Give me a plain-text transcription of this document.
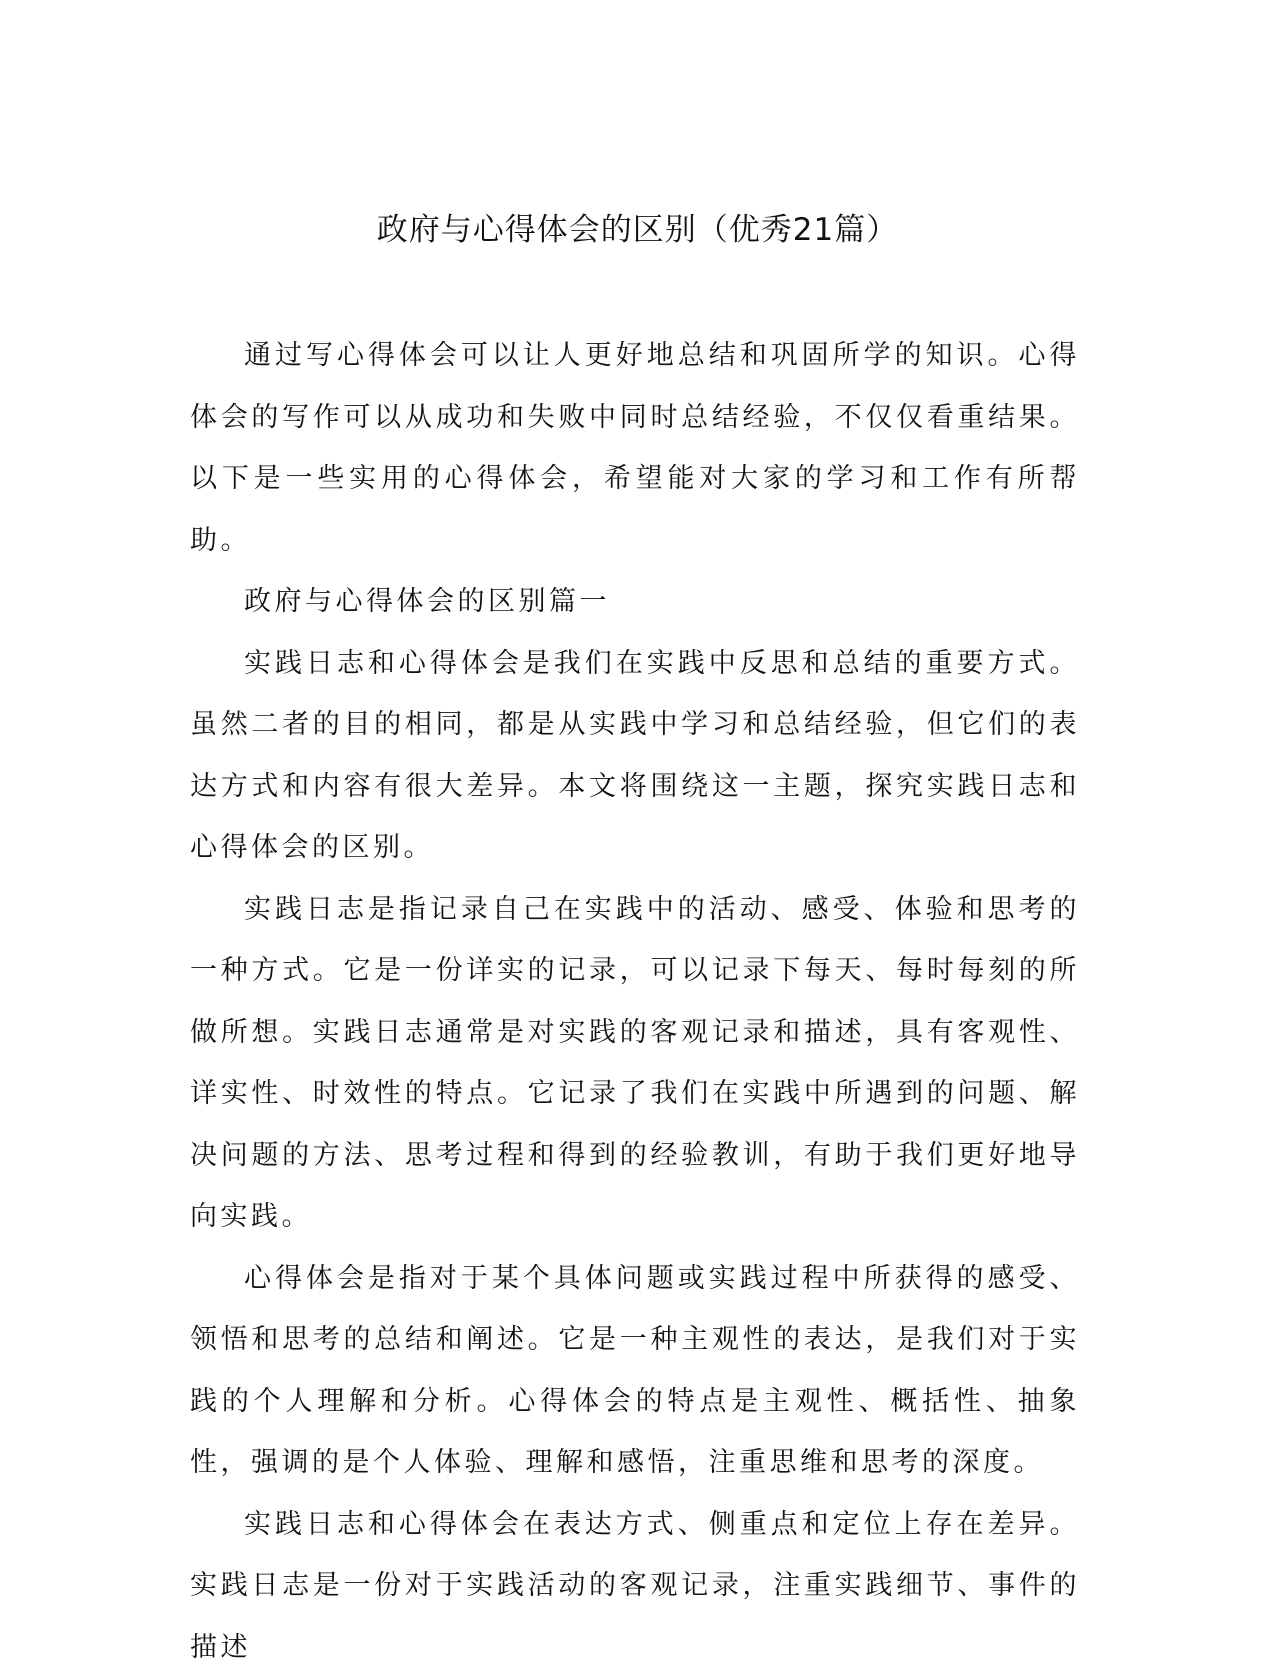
政府与心得体会的区别（优秀21篇）

通过写心得体会可以让人更好地总结和巩固所学的知识。心得体会的写作可以从成功和失败中同时总结经验，不仅仅看重结果。以下是一些实用的心得体会，希望能对大家的学习和工作有所帮助。

政府与心得体会的区别篇一

实践日志和心得体会是我们在实践中反思和总结的重要方式。虽然二者的目的相同，都是从实践中学习和总结经验，但它们的表达方式和内容有很大差异。本文将围绕这一主题，探究实践日志和心得体会的区别。

实践日志是指记录自己在实践中的活动、感受、体验和思考的一种方式。它是一份详实的记录，可以记录下每天、每时每刻的所做所想。实践日志通常是对实践的客观记录和描述，具有客观性、详实性、时效性的特点。它记录了我们在实践中所遇到的问题、解决问题的方法、思考过程和得到的经验教训，有助于我们更好地导向实践。

心得体会是指对于某个具体问题或实践过程中所获得的感受、领悟和思考的总结和阐述。它是一种主观性的表达，是我们对于实践的个人理解和分析。心得体会的特点是主观性、概括性、抽象性，强调的是个人体验、理解和感悟，注重思维和思考的深度。

实践日志和心得体会在表达方式、侧重点和定位上存在差异。实践日志是一份对于实践活动的客观记录，注重实践细节、事件的描述
